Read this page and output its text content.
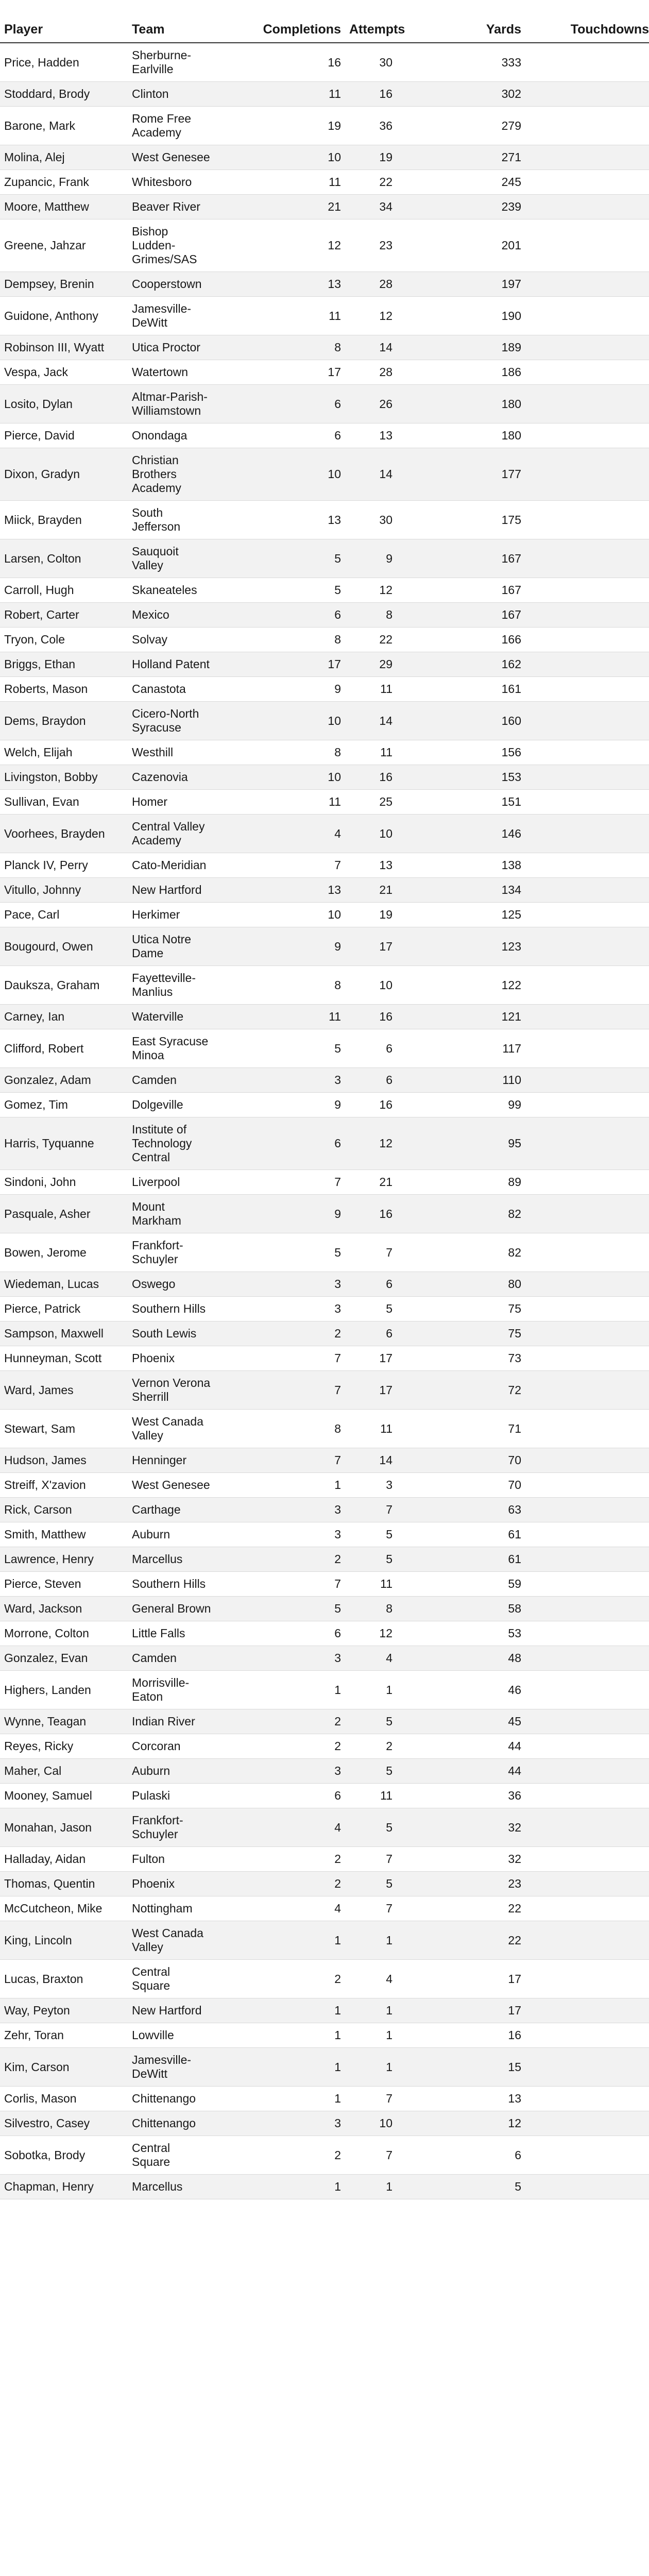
Player	Team	Completions	Attempts	Yards	Touchdowns
Price, Hadden	Sherburne-Earlville	16	30	333	
Stoddard, Brody	Clinton	11	16	302	
Barone, Mark	Rome Free Academy	19	36	279	
Molina, Alej	West Genesee	10	19	271	
Zupancic, Frank	Whitesboro	11	22	245	
Moore, Matthew	Beaver River	21	34	239	
Greene, Jahzar	Bishop Ludden-Grimes/SAS	12	23	201	
Dempsey, Brenin	Cooperstown	13	28	197	
Guidone, Anthony	Jamesville-DeWitt	11	12	190	
Robinson III, Wyatt	Utica Proctor	8	14	189	
Vespa, Jack	Watertown	17	28	186	
Losito, Dylan	Altmar-Parish-Williamstown	6	26	180	
Pierce, David	Onondaga	6	13	180	
Dixon, Gradyn	Christian Brothers Academy	10	14	177	
Miick, Brayden	South Jefferson	13	30	175	
Larsen, Colton	Sauquoit Valley	5	9	167	
Carroll, Hugh	Skaneateles	5	12	167	
Robert, Carter	Mexico	6	8	167	
Tryon, Cole	Solvay	8	22	166	
Briggs, Ethan	Holland Patent	17	29	162	
Roberts, Mason	Canastota	9	11	161	
Dems, Braydon	Cicero-North Syracuse	10	14	160	
Welch, Elijah	Westhill	8	11	156	
Livingston, Bobby	Cazenovia	10	16	153	
Sullivan, Evan	Homer	11	25	151	
Voorhees, Brayden	Central Valley Academy	4	10	146	
Planck IV, Perry	Cato-Meridian	7	13	138	
Vitullo, Johnny	New Hartford	13	21	134	
Pace, Carl	Herkimer	10	19	125	
Bougourd, Owen	Utica Notre Dame	9	17	123	
Dauksza, Graham	Fayetteville-Manlius	8	10	122	
Carney, Ian	Waterville	11	16	121	
Clifford, Robert	East Syracuse Minoa	5	6	117	
Gonzalez, Adam	Camden	3	6	110	
Gomez, Tim	Dolgeville	9	16	99	
Harris, Tyquanne	Institute of Technology Central	6	12	95	
Sindoni, John	Liverpool	7	21	89	
Pasquale, Asher	Mount Markham	9	16	82	
Bowen, Jerome	Frankfort-Schuyler	5	7	82	
Wiedeman, Lucas	Oswego	3	6	80	
Pierce, Patrick	Southern Hills	3	5	75	
Sampson, Maxwell	South Lewis	2	6	75	
Hunneyman, Scott	Phoenix	7	17	73	
Ward, James	Vernon Verona Sherrill	7	17	72	
Stewart, Sam	West Canada Valley	8	11	71	
Hudson, James	Henninger	7	14	70	
Streiff, X'zavion	West Genesee	1	3	70	
Rick, Carson	Carthage	3	7	63	
Smith, Matthew	Auburn	3	5	61	
Lawrence, Henry	Marcellus	2	5	61	
Pierce, Steven	Southern Hills	7	11	59	
Ward, Jackson	General Brown	5	8	58	
Morrone, Colton	Little Falls	6	12	53	
Gonzalez, Evan	Camden	3	4	48	
Highers, Landen	Morrisville-Eaton	1	1	46	
Wynne, Teagan	Indian River	2	5	45	
Reyes, Ricky	Corcoran	2	2	44	
Maher, Cal	Auburn	3	5	44	
Mooney, Samuel	Pulaski	6	11	36	
Monahan, Jason	Frankfort-Schuyler	4	5	32	
Halladay, Aidan	Fulton	2	7	32	
Thomas, Quentin	Phoenix	2	5	23	
McCutcheon, Mike	Nottingham	4	7	22	
King, Lincoln	West Canada Valley	1	1	22	
Lucas, Braxton	Central Square	2	4	17	
Way, Peyton	New Hartford	1	1	17	
Zehr, Toran	Lowville	1	1	16	
Kim, Carson	Jamesville-DeWitt	1	1	15	
Corlis, Mason	Chittenango	1	7	13	
Silvestro, Casey	Chittenango	3	10	12	
Sobotka, Brody	Central Square	2	7	6	
Chapman, Henry	Marcellus	1	1	5	
